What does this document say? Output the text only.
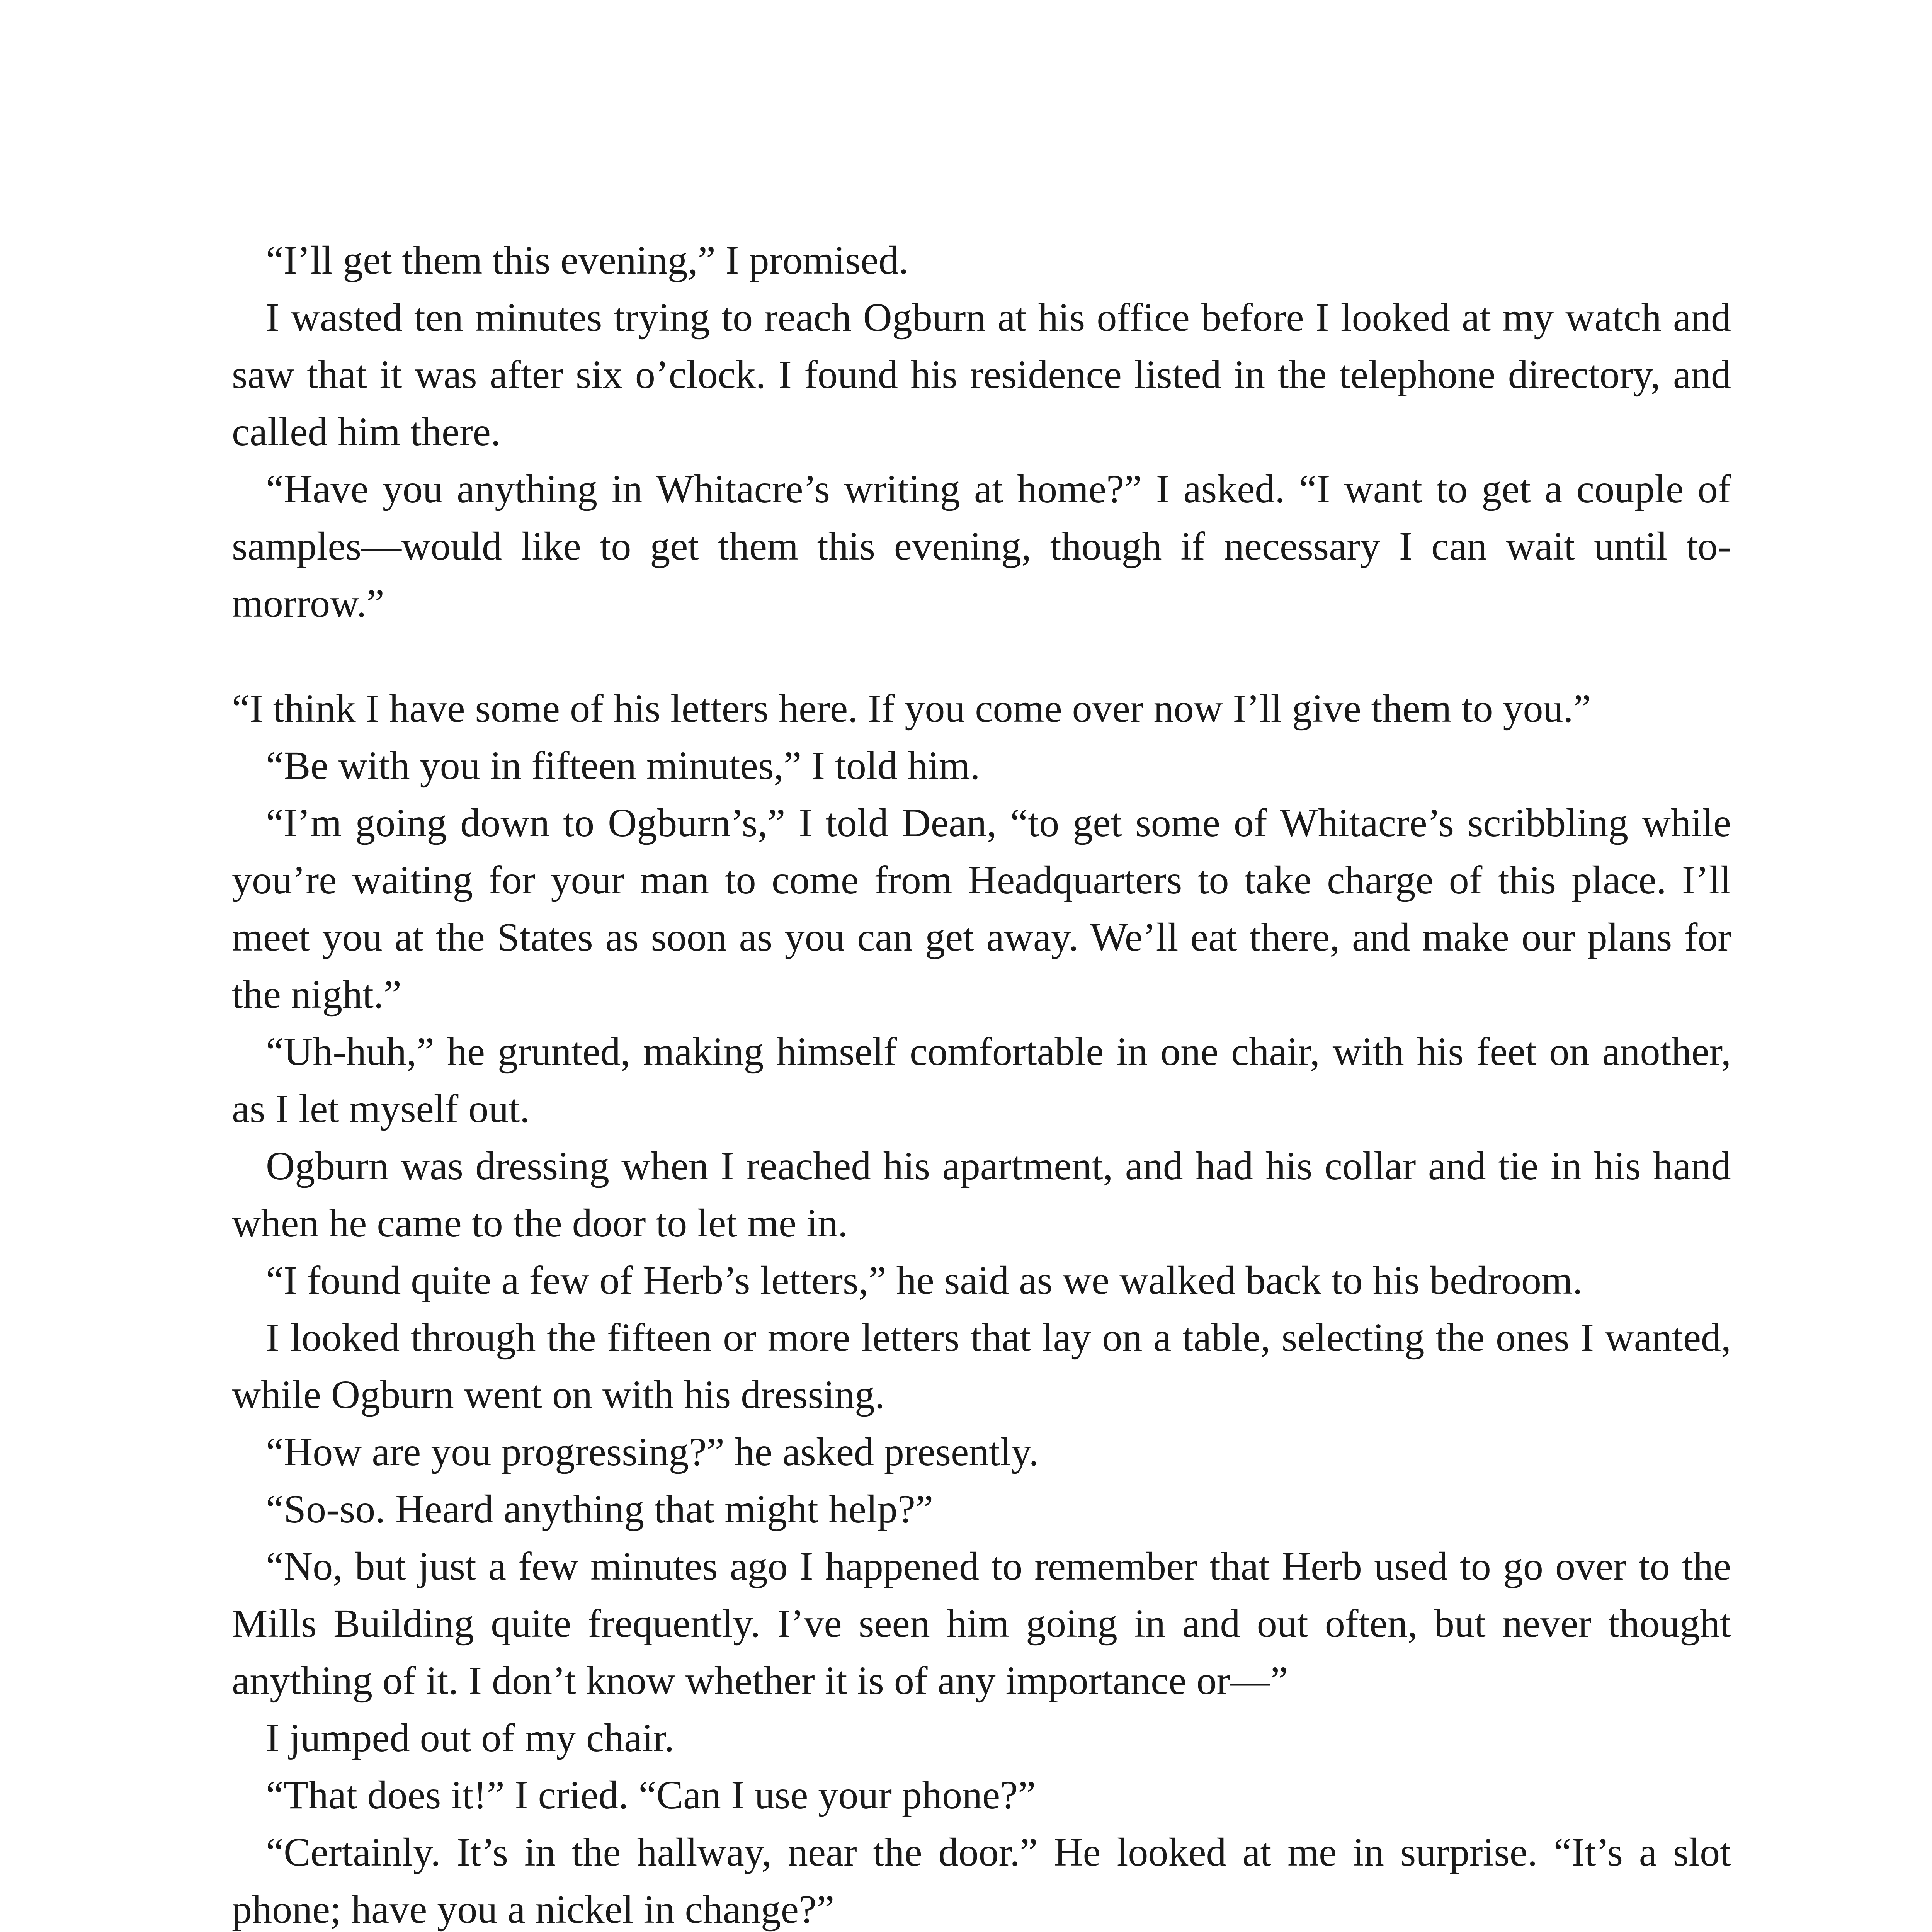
“I’ll get them this evening,” I promised.

I wasted ten minutes trying to reach Ogburn at his office before I looked at my watch and saw that it was after six o’clock. I found his residence listed in the telephone directory, and called him there.

“Have you anything in Whitacre’s writing at home?” I asked. “I want to get a couple of samples—would like to get them this evening, though if necessary I can wait until to-morrow.”

“I think I have some of his letters here. If you come over now I’ll give them to you.”

“Be with you in fifteen minutes,” I told him.

“I’m going down to Ogburn’s,” I told Dean, “to get some of Whitacre’s scribbling while you’re waiting for your man to come from Headquarters to take charge of this place. I’ll meet you at the States as soon as you can get away. We’ll eat there, and make our plans for the night.”

“Uh-huh,” he grunted, making himself comfortable in one chair, with his feet on another, as I let myself out.

Ogburn was dressing when I reached his apartment, and had his collar and tie in his hand when he came to the door to let me in.

“I found quite a few of Herb’s letters,” he said as we walked back to his bedroom.

I looked through the fifteen or more letters that lay on a table, selecting the ones I wanted, while Ogburn went on with his dressing.

“How are you progressing?” he asked presently.

“So-so. Heard anything that might help?”

“No, but just a few minutes ago I happened to remember that Herb used to go over to the Mills Building quite frequently. I’ve seen him going in and out often, but never thought anything of it. I don’t know whether it is of any importance or—”

I jumped out of my chair.

“That does it!” I cried. “Can I use your phone?”

“Certainly. It’s in the hallway, near the door.” He looked at me in surprise. “It’s a slot phone; have you a nickel in change?”
